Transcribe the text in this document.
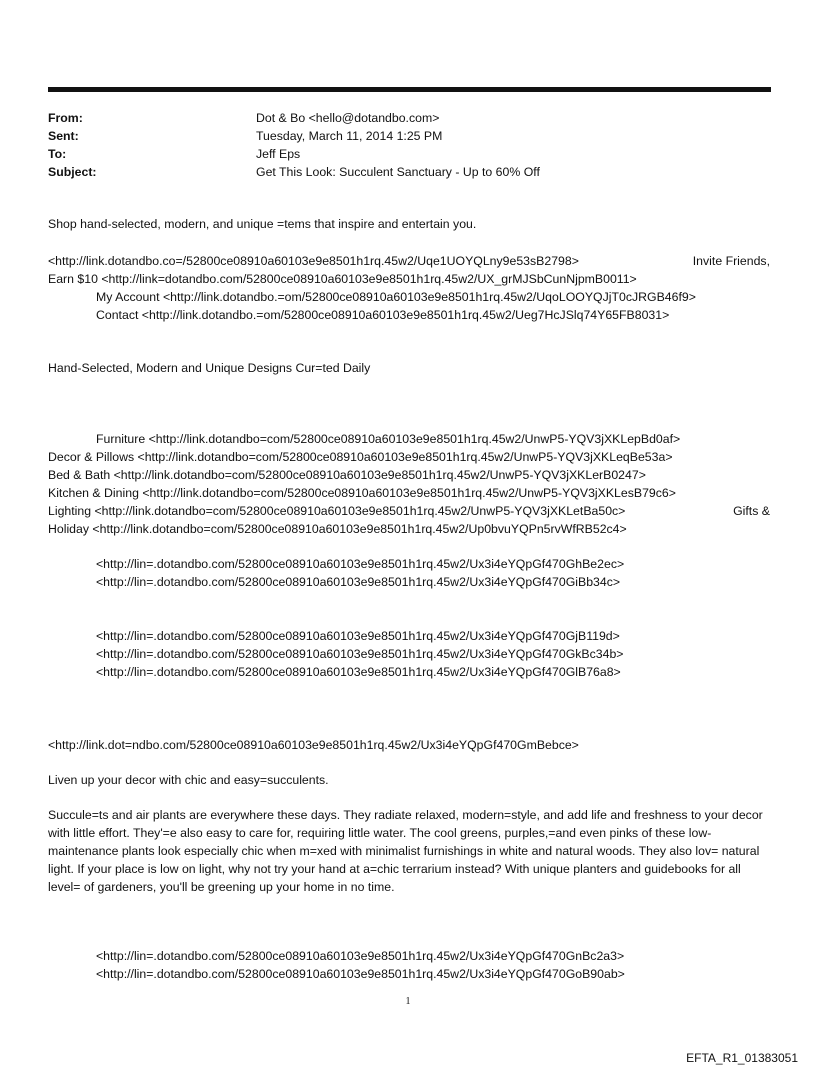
From:	Dot & Bo <hello@dotandbo.com>
Sent:	Tuesday, March 11, 2014 1:25 PM
To:	Jeff Eps
Subject:	Get This Look: Succulent Sanctuary - Up to 60% Off
Shop hand-selected, modern, and unique =tems that inspire and entertain you.
<http://link.dotandbo.co=/52800ce08910a60103e9e8501h1rq.45w2/Uqe1UOYQLny9e53sB2798>	Invite Friends,
Earn $10 <http://link=dotandbo.com/52800ce08910a60103e9e8501h1rq.45w2/UX_grMJSbCunNjpmB0011>
My Account <http://link.dotandbo.=om/52800ce08910a60103e9e8501h1rq.45w2/UqoLOOYQJjT0cJRGB46f9>
Contact <http://link.dotandbo.=om/52800ce08910a60103e9e8501h1rq.45w2/Ueg7HcJSlq74Y65FB8031>
Hand-Selected, Modern and Unique Designs Cur=ted Daily
Furniture <http://link.dotandbo=com/52800ce08910a60103e9e8501h1rq.45w2/UnwP5-YQV3jXKLepBd0af>
Decor & Pillows <http://link.dotandbo=com/52800ce08910a60103e9e8501h1rq.45w2/UnwP5-YQV3jXKLeqBe53a>
Bed & Bath <http://link.dotandbo=com/52800ce08910a60103e9e8501h1rq.45w2/UnwP5-YQV3jXKLerB0247>
Kitchen & Dining <http://link.dotandbo=com/52800ce08910a60103e9e8501h1rq.45w2/UnwP5-YQV3jXKLesB79c6>
Lighting <http://link.dotandbo=com/52800ce08910a60103e9e8501h1rq.45w2/UnwP5-YQV3jXKLetBa50c>	Gifts &
Holiday <http://link.dotandbo=com/52800ce08910a60103e9e8501h1rq.45w2/Up0bvuYQPn5rvWfRB52c4>
<http://lin=.dotandbo.com/52800ce08910a60103e9e8501h1rq.45w2/Ux3i4eYQpGf470GhBe2ec>
<http://lin=.dotandbo.com/52800ce08910a60103e9e8501h1rq.45w2/Ux3i4eYQpGf470GiBb34c>
<http://lin=.dotandbo.com/52800ce08910a60103e9e8501h1rq.45w2/Ux3i4eYQpGf470GjB119d>
<http://lin=.dotandbo.com/52800ce08910a60103e9e8501h1rq.45w2/Ux3i4eYQpGf470GkBc34b>
<http://lin=.dotandbo.com/52800ce08910a60103e9e8501h1rq.45w2/Ux3i4eYQpGf470GlB76a8>
<http://link.dot=ndbo.com/52800ce08910a60103e9e8501h1rq.45w2/Ux3i4eYQpGf470GmBebce>
Liven up your decor with chic and easy=succulents.

Succule=ts and air plants are everywhere these days. They radiate relaxed, modern=style, and add life and freshness to your decor with little effort. They'=e also easy to care for, requiring little water. The cool greens, purples,=and even pinks of these low-maintenance plants look especially chic when m=xed with minimalist furnishings in white and natural woods. They also lov= natural light. If your place is low on light, why not try your hand at a=chic terrarium instead? With unique planters and guidebooks for all level= of gardeners, you'll be greening up your home in no time.

<http://lin=.dotandbo.com/52800ce08910a60103e9e8501h1rq.45w2/Ux3i4eYQpGf470GnBc2a3>
<http://lin=.dotandbo.com/52800ce08910a60103e9e8501h1rq.45w2/Ux3i4eYQpGf470GoB90ab>
1
EFTA_R1_01383051
